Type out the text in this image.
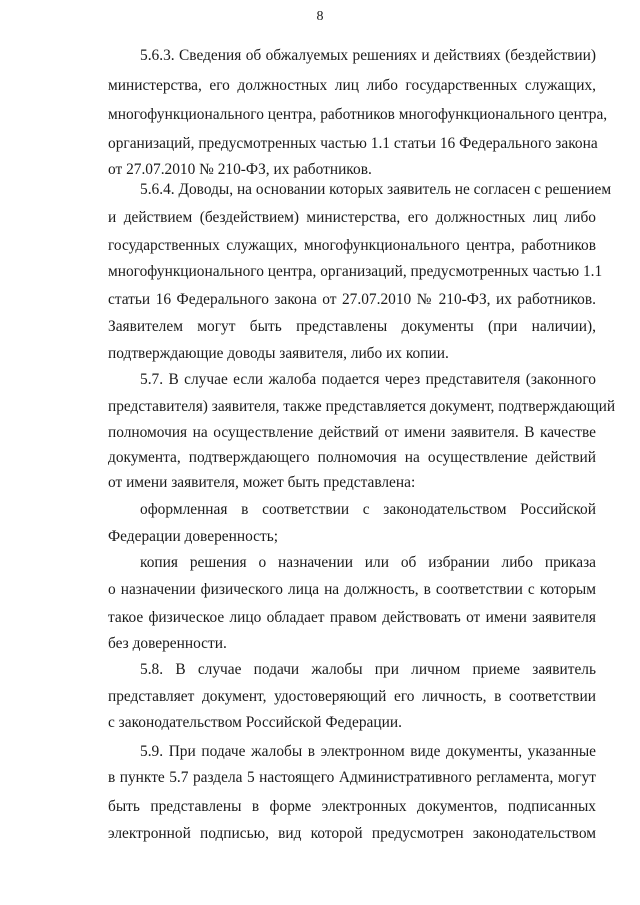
8
5.6.3. Сведения об обжалуемых решениях и действиях (бездействии)
министерства, его должностных лиц либо государственных служащих,
многофункционального центра, работников многофункционального центра,
организаций, предусмотренных частью 1.1 статьи 16 Федерального закона
от 27.07.2010 № 210-ФЗ, их работников.
5.6.4. Доводы, на основании которых заявитель не согласен с решением
и действием (бездействием) министерства, его должностных лиц либо
государственных служащих, многофункционального центра, работников
многофункционального центра, организаций, предусмотренных частью 1.1
статьи 16 Федерального закона от 27.07.2010 № 210-ФЗ, их работников.
Заявителем могут быть представлены документы (при наличии),
подтверждающие доводы заявителя, либо их копии.
5.7. В случае если жалоба подается через представителя (законного
представителя) заявителя, также представляется документ, подтверждающий
полномочия на осуществление действий от имени заявителя. В качестве
документа, подтверждающего полномочия на осуществление действий
от имени заявителя, может быть представлена:
оформленная в соответствии с законодательством Российской
Федерации доверенность;
копия решения о назначении или об избрании либо приказа
о назначении физического лица на должность, в соответствии с которым
такое физическое лицо обладает правом действовать от имени заявителя
без доверенности.
5.8. В случае подачи жалобы при личном приеме заявитель
представляет документ, удостоверяющий его личность, в соответствии
с законодательством Российской Федерации.
5.9. При подаче жалобы в электронном виде документы, указанные
в пункте 5.7 раздела 5 настоящего Административного регламента, могут
быть представлены в форме электронных документов, подписанных
электронной подписью, вид которой предусмотрен законодательством
